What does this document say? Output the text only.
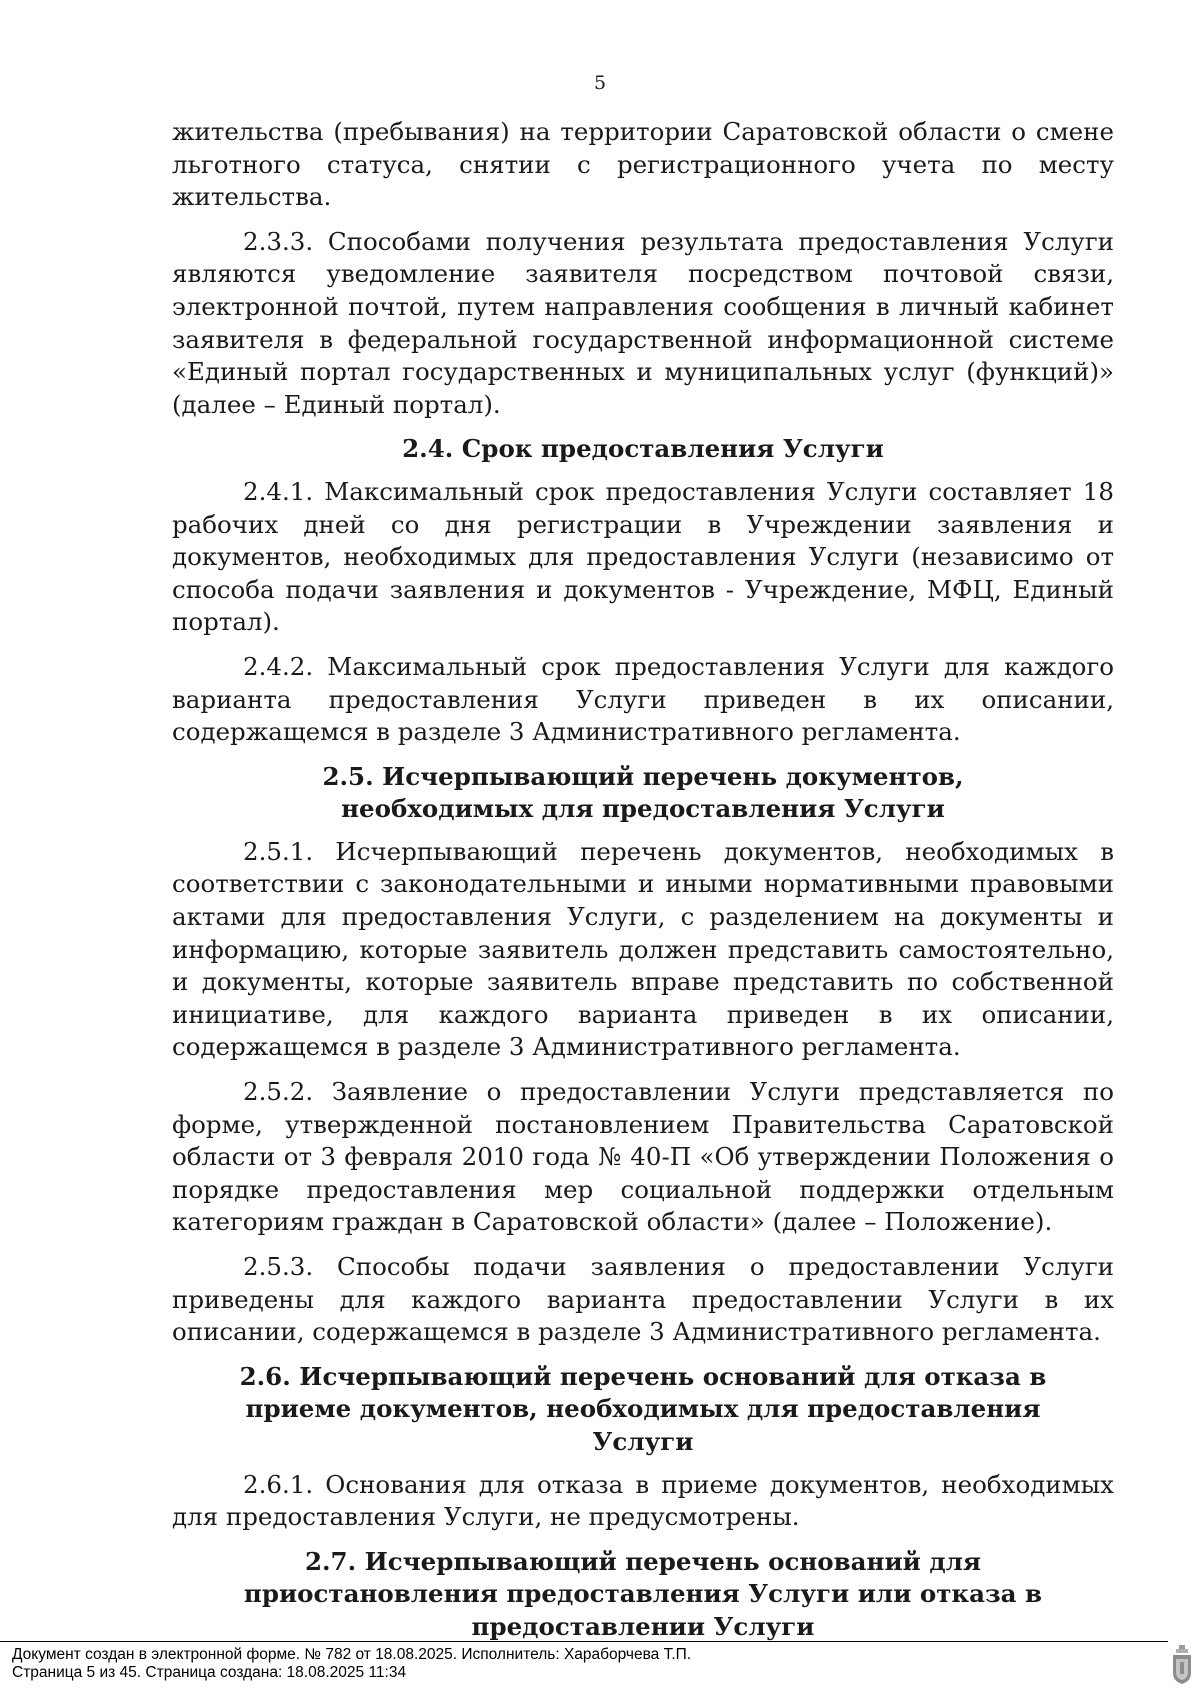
5

жительства (пребывания) на территории Саратовской области о смене льготного статуса, снятии с регистрационного учета по месту жительства.

2.3.3. Способами получения результата предоставления Услуги являются уведомление заявителя посредством почтовой связи, электронной почтой, путем направления сообщения в личный кабинет заявителя в федеральной государственной информационной системе «Единый портал государственных и муниципальных услуг (функций)» (далее – Единый портал).

2.4. Срок предоставления Услуги

2.4.1. Максимальный срок предоставления Услуги составляет 18 рабочих дней со дня регистрации в Учреждении заявления и документов, необходимых для предоставления Услуги (независимо от способа подачи заявления и документов - Учреждение, МФЦ, Единый портал).

2.4.2. Максимальный срок предоставления Услуги для каждого варианта предоставления Услуги приведен в их описании, содержащемся в разделе 3 Административного регламента.

2.5. Исчерпывающий перечень документов, необходимых для предоставления Услуги

2.5.1. Исчерпывающий перечень документов, необходимых в соответствии с законодательными и иными нормативными правовыми актами для предоставления Услуги, с разделением на документы и информацию, которые заявитель должен представить самостоятельно, и документы, которые заявитель вправе представить по собственной инициативе, для каждого варианта приведен в их описании, содержащемся в разделе 3 Административного регламента.

2.5.2. Заявление о предоставлении Услуги представляется по форме, утвержденной постановлением Правительства Саратовской области от 3 февраля 2010 года № 40-П «Об утверждении Положения о порядке предоставления мер социальной поддержки отдельным категориям граждан в Саратовской области» (далее – Положение).

2.5.3. Способы подачи заявления о предоставлении Услуги приведены для каждого варианта предоставлении Услуги в их описании, содержащемся в разделе 3 Административного регламента.

2.6. Исчерпывающий перечень оснований для отказа в приеме документов, необходимых для предоставления Услуги

2.6.1. Основания для отказа в приеме документов, необходимых для предоставления Услуги, не предусмотрены.

2.7. Исчерпывающий перечень оснований для приостановления предоставления Услуги или отказа в предоставлении Услуги

Документ создан в электронной форме. № 782 от 18.08.2025. Исполнитель: Хараборчева Т.П.
Страница 5 из 45. Страница создана: 18.08.2025 11:34
